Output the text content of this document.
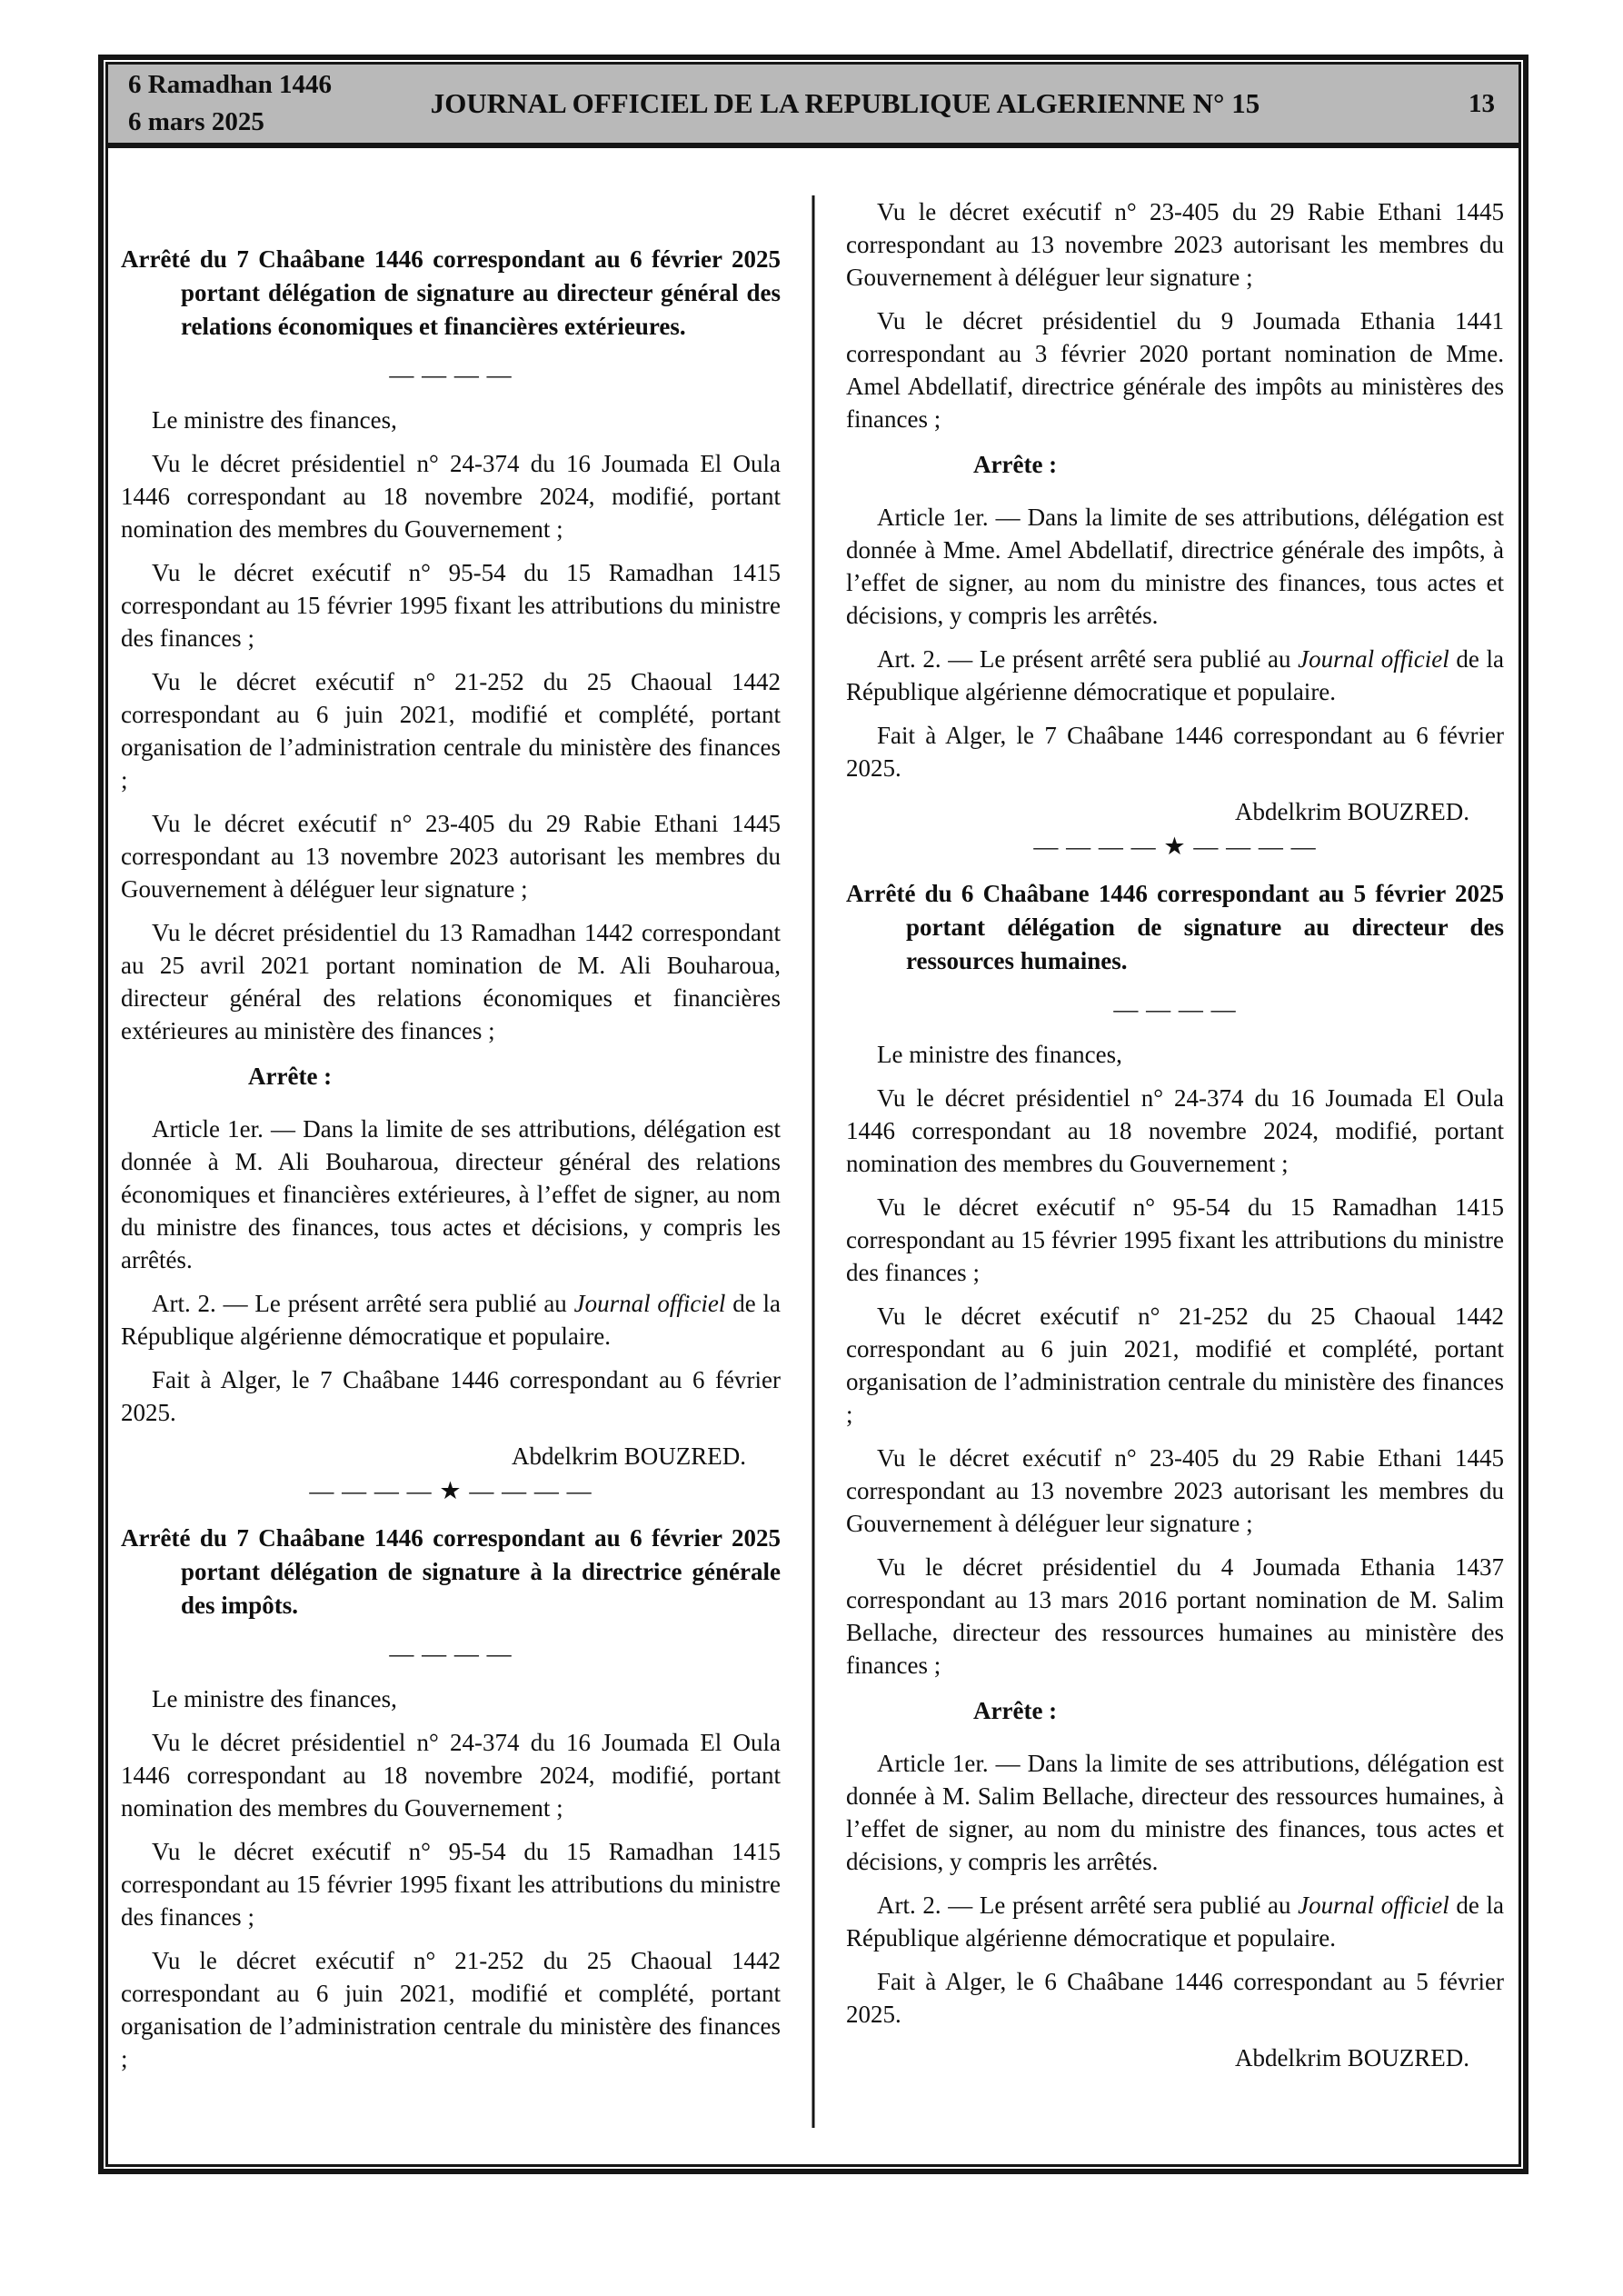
6 Ramadhan 1446
6 mars 2025
JOURNAL OFFICIEL DE LA REPUBLIQUE ALGERIENNE N° 15	13

Arrêté du 7 Chaâbane 1446 correspondant au 6 février 2025 portant délégation de signature au directeur général des relations économiques et financières extérieures.

— — — —

Le ministre des finances,

Vu le décret présidentiel n° 24-374 du 16 Joumada El Oula 1446 correspondant au 18 novembre 2024, modifié, portant nomination des membres du Gouvernement ;

Vu le décret exécutif n° 95-54 du 15 Ramadhan 1415 correspondant au 15 février 1995 fixant les attributions du ministre des finances ;

Vu le décret exécutif n° 21-252 du 25 Chaoual 1442 correspondant au 6 juin 2021, modifié et complété, portant organisation de l’administration centrale du ministère des finances ;

Vu le décret exécutif n° 23-405 du 29 Rabie Ethani 1445 correspondant au 13 novembre 2023 autorisant les membres du Gouvernement à déléguer leur signature ;

Vu le décret présidentiel du 13 Ramadhan 1442 correspondant au 25 avril 2021 portant nomination de M. Ali Bouharoua, directeur général des relations économiques et financières extérieures au ministère des finances ;

Arrête :

Article 1er. — Dans la limite de ses attributions, délégation est donnée à M. Ali Bouharoua, directeur général des relations économiques et financières extérieures, à l’effet de signer, au nom du ministre des finances, tous actes et décisions, y compris les arrêtés.

Art. 2. — Le présent arrêté sera publié au Journal officiel de la République algérienne démocratique et populaire.

Fait à Alger, le 7 Chaâbane 1446 correspondant au 6 février 2025.

Abdelkrim BOUZRED.

— — — — ★ — — — —

Arrêté du 7 Chaâbane 1446 correspondant au 6 février 2025 portant délégation de signature à la directrice générale des impôts.

— — — —

Le ministre des finances,

Vu le décret présidentiel n° 24-374 du 16 Joumada El Oula 1446 correspondant au 18 novembre 2024, modifié, portant nomination des membres du Gouvernement ;

Vu le décret exécutif n° 95-54 du 15 Ramadhan 1415 correspondant au 15 février 1995 fixant les attributions du ministre des finances ;

Vu le décret exécutif n° 21-252 du 25 Chaoual 1442 correspondant au 6 juin 2021, modifié et complété, portant organisation de l’administration centrale du ministère des finances ;

Vu le décret exécutif n° 23-405 du 29 Rabie Ethani 1445 correspondant au 13 novembre 2023 autorisant les membres du Gouvernement à déléguer leur signature ;

Vu le décret présidentiel du 9 Joumada Ethania 1441 correspondant au 3 février 2020 portant nomination de Mme. Amel Abdellatif, directrice générale des impôts au ministères des finances ;

Arrête :

Article 1er. — Dans la limite de ses attributions, délégation est donnée à Mme. Amel Abdellatif, directrice générale des impôts, à l’effet de signer, au nom du ministre des finances, tous actes et décisions, y compris les arrêtés.

Art. 2. — Le présent arrêté sera publié au Journal officiel de la République algérienne démocratique et populaire.

Fait à Alger, le 7 Chaâbane 1446 correspondant au 6 février 2025.

Abdelkrim BOUZRED.

— — — — ★ — — — —

Arrêté du 6 Chaâbane 1446 correspondant au 5 février 2025 portant délégation de signature au directeur des ressources humaines.

— — — —

Le ministre des finances,

Vu le décret présidentiel n° 24-374 du 16 Joumada El Oula 1446 correspondant au 18 novembre 2024, modifié, portant nomination des membres du Gouvernement ;

Vu le décret exécutif n° 95-54 du 15 Ramadhan 1415 correspondant au 15 février 1995 fixant les attributions du ministre des finances ;

Vu le décret exécutif n° 21-252 du 25 Chaoual 1442 correspondant au 6 juin 2021, modifié et complété, portant organisation de l’administration centrale du ministère des finances ;

Vu le décret exécutif n° 23-405 du 29 Rabie Ethani 1445 correspondant au 13 novembre 2023 autorisant les membres du Gouvernement à déléguer leur signature ;

Vu le décret présidentiel du 4 Joumada Ethania 1437 correspondant au 13 mars 2016 portant nomination de M. Salim Bellache, directeur des ressources humaines au ministère des finances ;

Arrête :

Article 1er. — Dans la limite de ses attributions, délégation est donnée à M. Salim Bellache, directeur des ressources humaines, à l’effet de signer, au nom du ministre des finances, tous actes et décisions, y compris les arrêtés.

Art. 2. — Le présent arrêté sera publié au Journal officiel de la République algérienne démocratique et populaire.

Fait à Alger, le 6 Chaâbane 1446 correspondant au 5 février 2025.

Abdelkrim BOUZRED.
